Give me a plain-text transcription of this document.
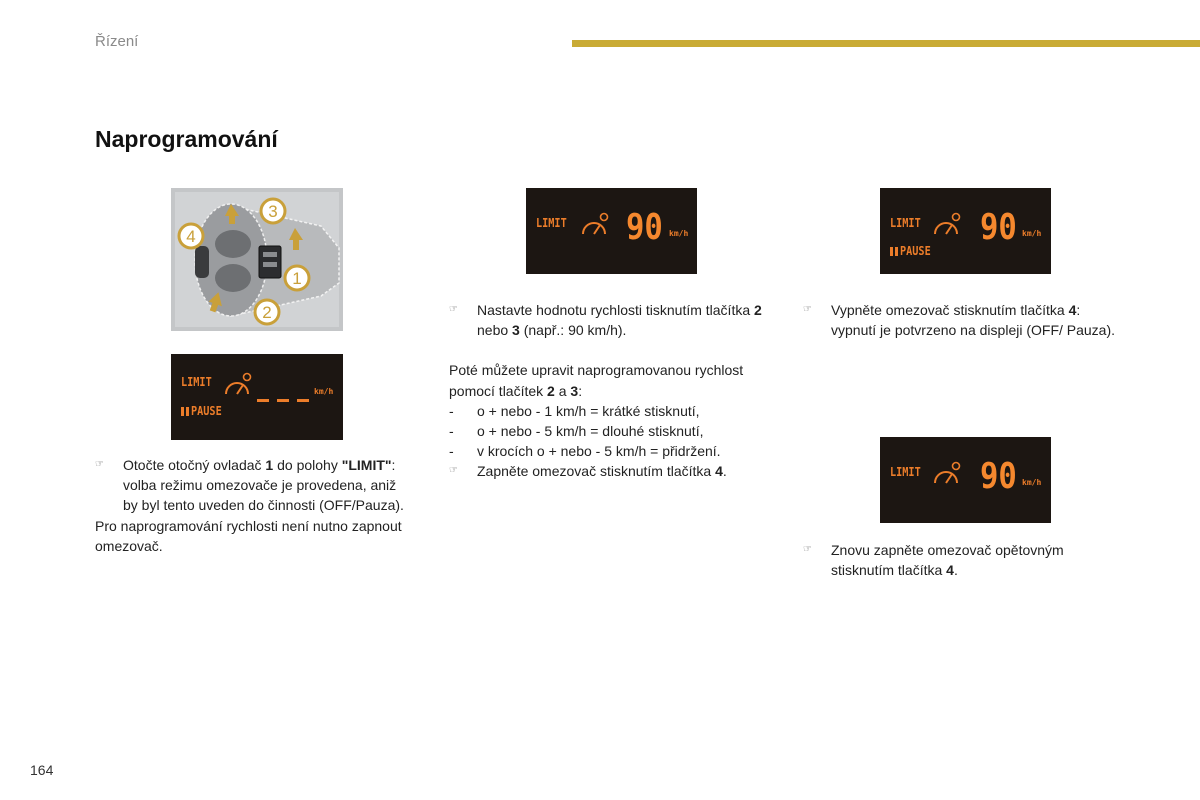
Řízení
Naprogramování
3
4
1
2
LIMIT
PAUSE
km/h
LIMIT 90 km/h
LIMIT
PAUSE
90 km/h
LIMIT 90 km/h

☞ Otočte otočný ovladač 1 do polohy "LIMIT": volba režimu omezovače je provedena, aniž by byl tento uveden do činnosti (OFF/Pauza).

Pro naprogramování rychlosti není nutno zapnout omezovač.

☞ Nastavte hodnotu rychlosti tisknutím tlačítka 2 nebo 3 (např.: 90 km/h).

Poté můžete upravit naprogramovanou rychlost pomocí tlačítek 2 a 3:

- o + nebo - 1 km/h = krátké stisknutí,

- o + nebo - 5 km/h = dlouhé stisknutí,

- v krocích o + nebo - 5 km/h = přidržení.

☞ Zapněte omezovač stisknutím tlačítka 4.

☞ Vypněte omezovač stisknutím tlačítka 4: vypnutí je potvrzeno na displeji (OFF/ Pauza).

☞ Znovu zapněte omezovač opětovným stisknutím tlačítka 4.

164
